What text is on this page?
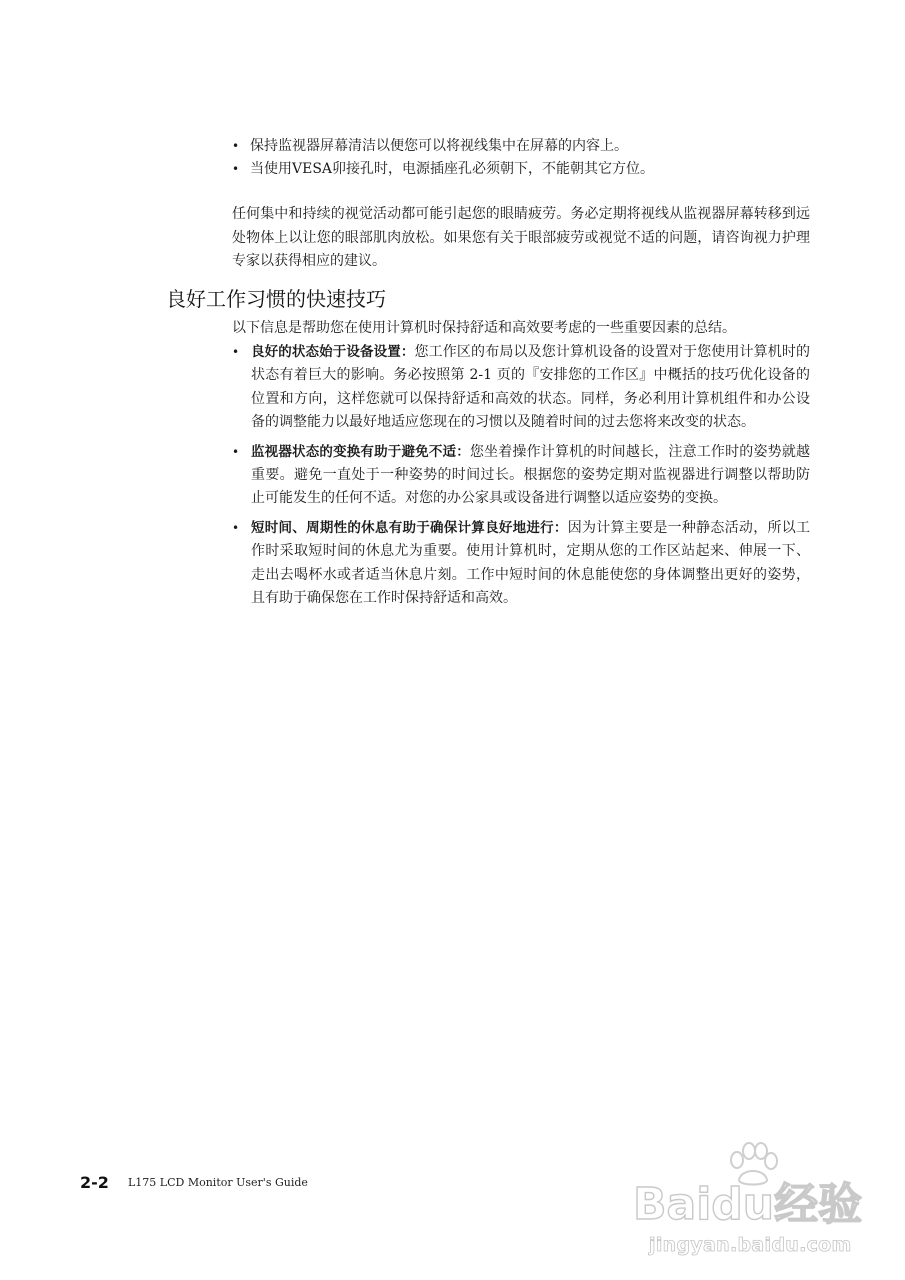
• 保持监视器屏幕清洁以便您可以将视线集中在屏幕的内容上。
• 当使用VESA卯接孔时，电源插座孔必须朝下，不能朝其它方位。

任何集中和持续的视觉活动都可能引起您的眼睛疲劳。务必定期将视线从监视器屏幕转移到远处物体上以让您的眼部肌肉放松。如果您有关于眼部疲劳或视觉不适的问题，请咨询视力护理专家以获得相应的建议。

良好工作习惯的快速技巧

以下信息是帮助您在使用计算机时保持舒适和高效要考虑的一些重要因素的总结。

• 良好的状态始于设备设置：您工作区的布局以及您计算机设备的设置对于您使用计算机时的状态有着巨大的影响。务必按照第 2-1 页的『安排您的工作区』中概括的技巧优化设备的位置和方向，这样您就可以保持舒适和高效的状态。同样，务必利用计算机组件和办公设备的调整能力以最好地适应您现在的习惯以及随着时间的过去您将来改变的状态。
• 监视器状态的变换有助于避免不适：您坐着操作计算机的时间越长，注意工作时的姿势就越重要。避免一直处于一种姿势的时间过长。根据您的姿势定期对监视器进行调整以帮助防止可能发生的任何不适。对您的办公家具或设备进行调整以适应姿势的变换。
• 短时间、周期性的休息有助于确保计算良好地进行：因为计算主要是一种静态活动，所以工作时采取短时间的休息尤为重要。使用计算机时，定期从您的工作区站起来、伸展一下、走出去喝杯水或者适当休息片刻。工作中短时间的休息能使您的身体调整出更好的姿势，且有助于确保您在工作时保持舒适和高效。
2-2 L175 LCD Monitor User's Guide	Baidu经验
jingyan.baidu.com
